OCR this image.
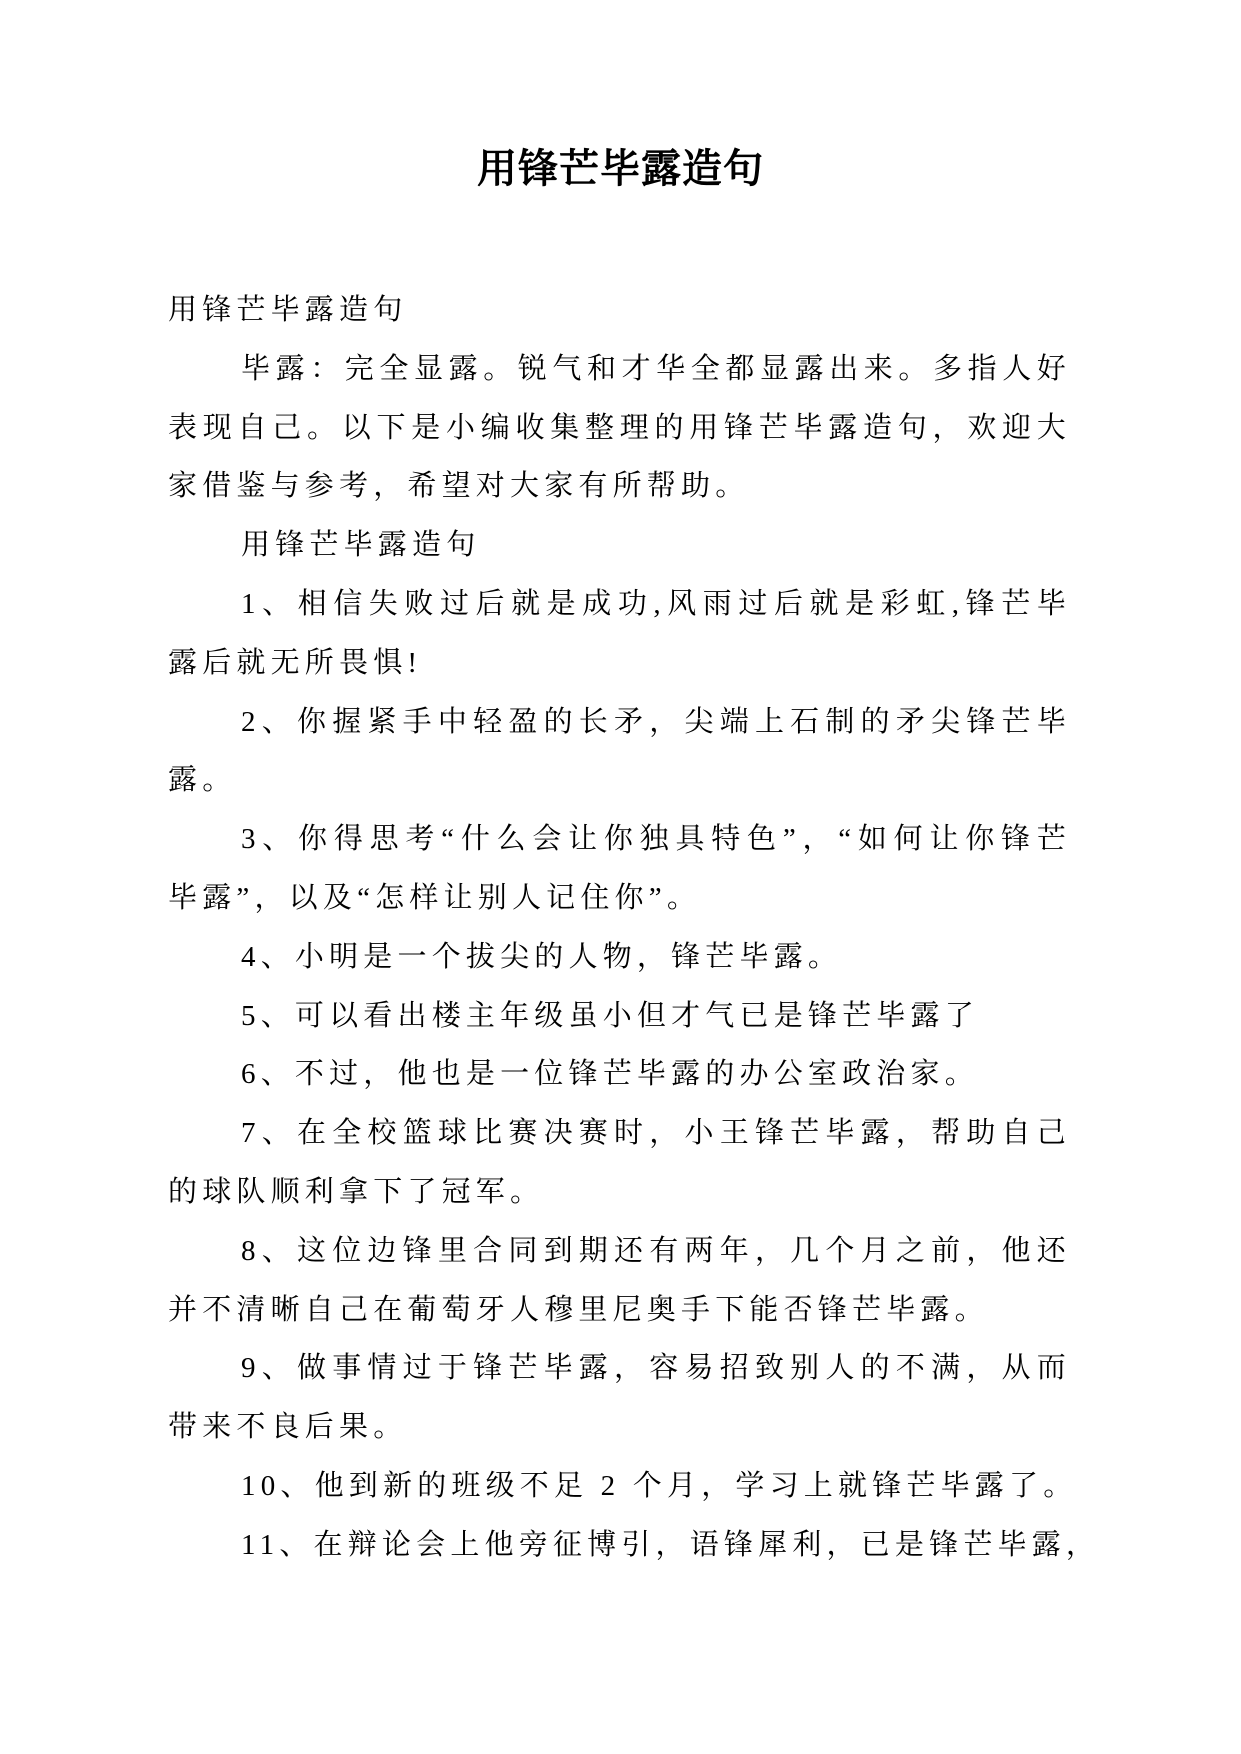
用锋芒毕露造句
用锋芒毕露造句
毕露：完全显露。锐气和才华全都显露出来。多指人好
表现自己。以下是小编收集整理的用锋芒毕露造句，欢迎大
家借鉴与参考，希望对大家有所帮助。
用锋芒毕露造句
1、相信失败过后就是成功,风雨过后就是彩虹,锋芒毕
露后就无所畏惧!
2、你握紧手中轻盈的长矛，尖端上石制的矛尖锋芒毕
露。
3、你得思考“什么会让你独具特色”，“如何让你锋芒
毕露”，以及“怎样让别人记住你”。
4、小明是一个拔尖的人物，锋芒毕露。
5、可以看出楼主年级虽小但才气已是锋芒毕露了
6、不过，他也是一位锋芒毕露的办公室政治家。
7、在全校篮球比赛决赛时，小王锋芒毕露，帮助自己
的球队顺利拿下了冠军。
8、这位边锋里合同到期还有两年，几个月之前，他还
并不清晰自己在葡萄牙人穆里尼奥手下能否锋芒毕露。
9、做事情过于锋芒毕露，容易招致别人的不满，从而
带来不良后果。
10、他到新的班级不足 2 个月，学习上就锋芒毕露了。
11、在辩论会上他旁征博引，语锋犀利，已是锋芒毕露，
